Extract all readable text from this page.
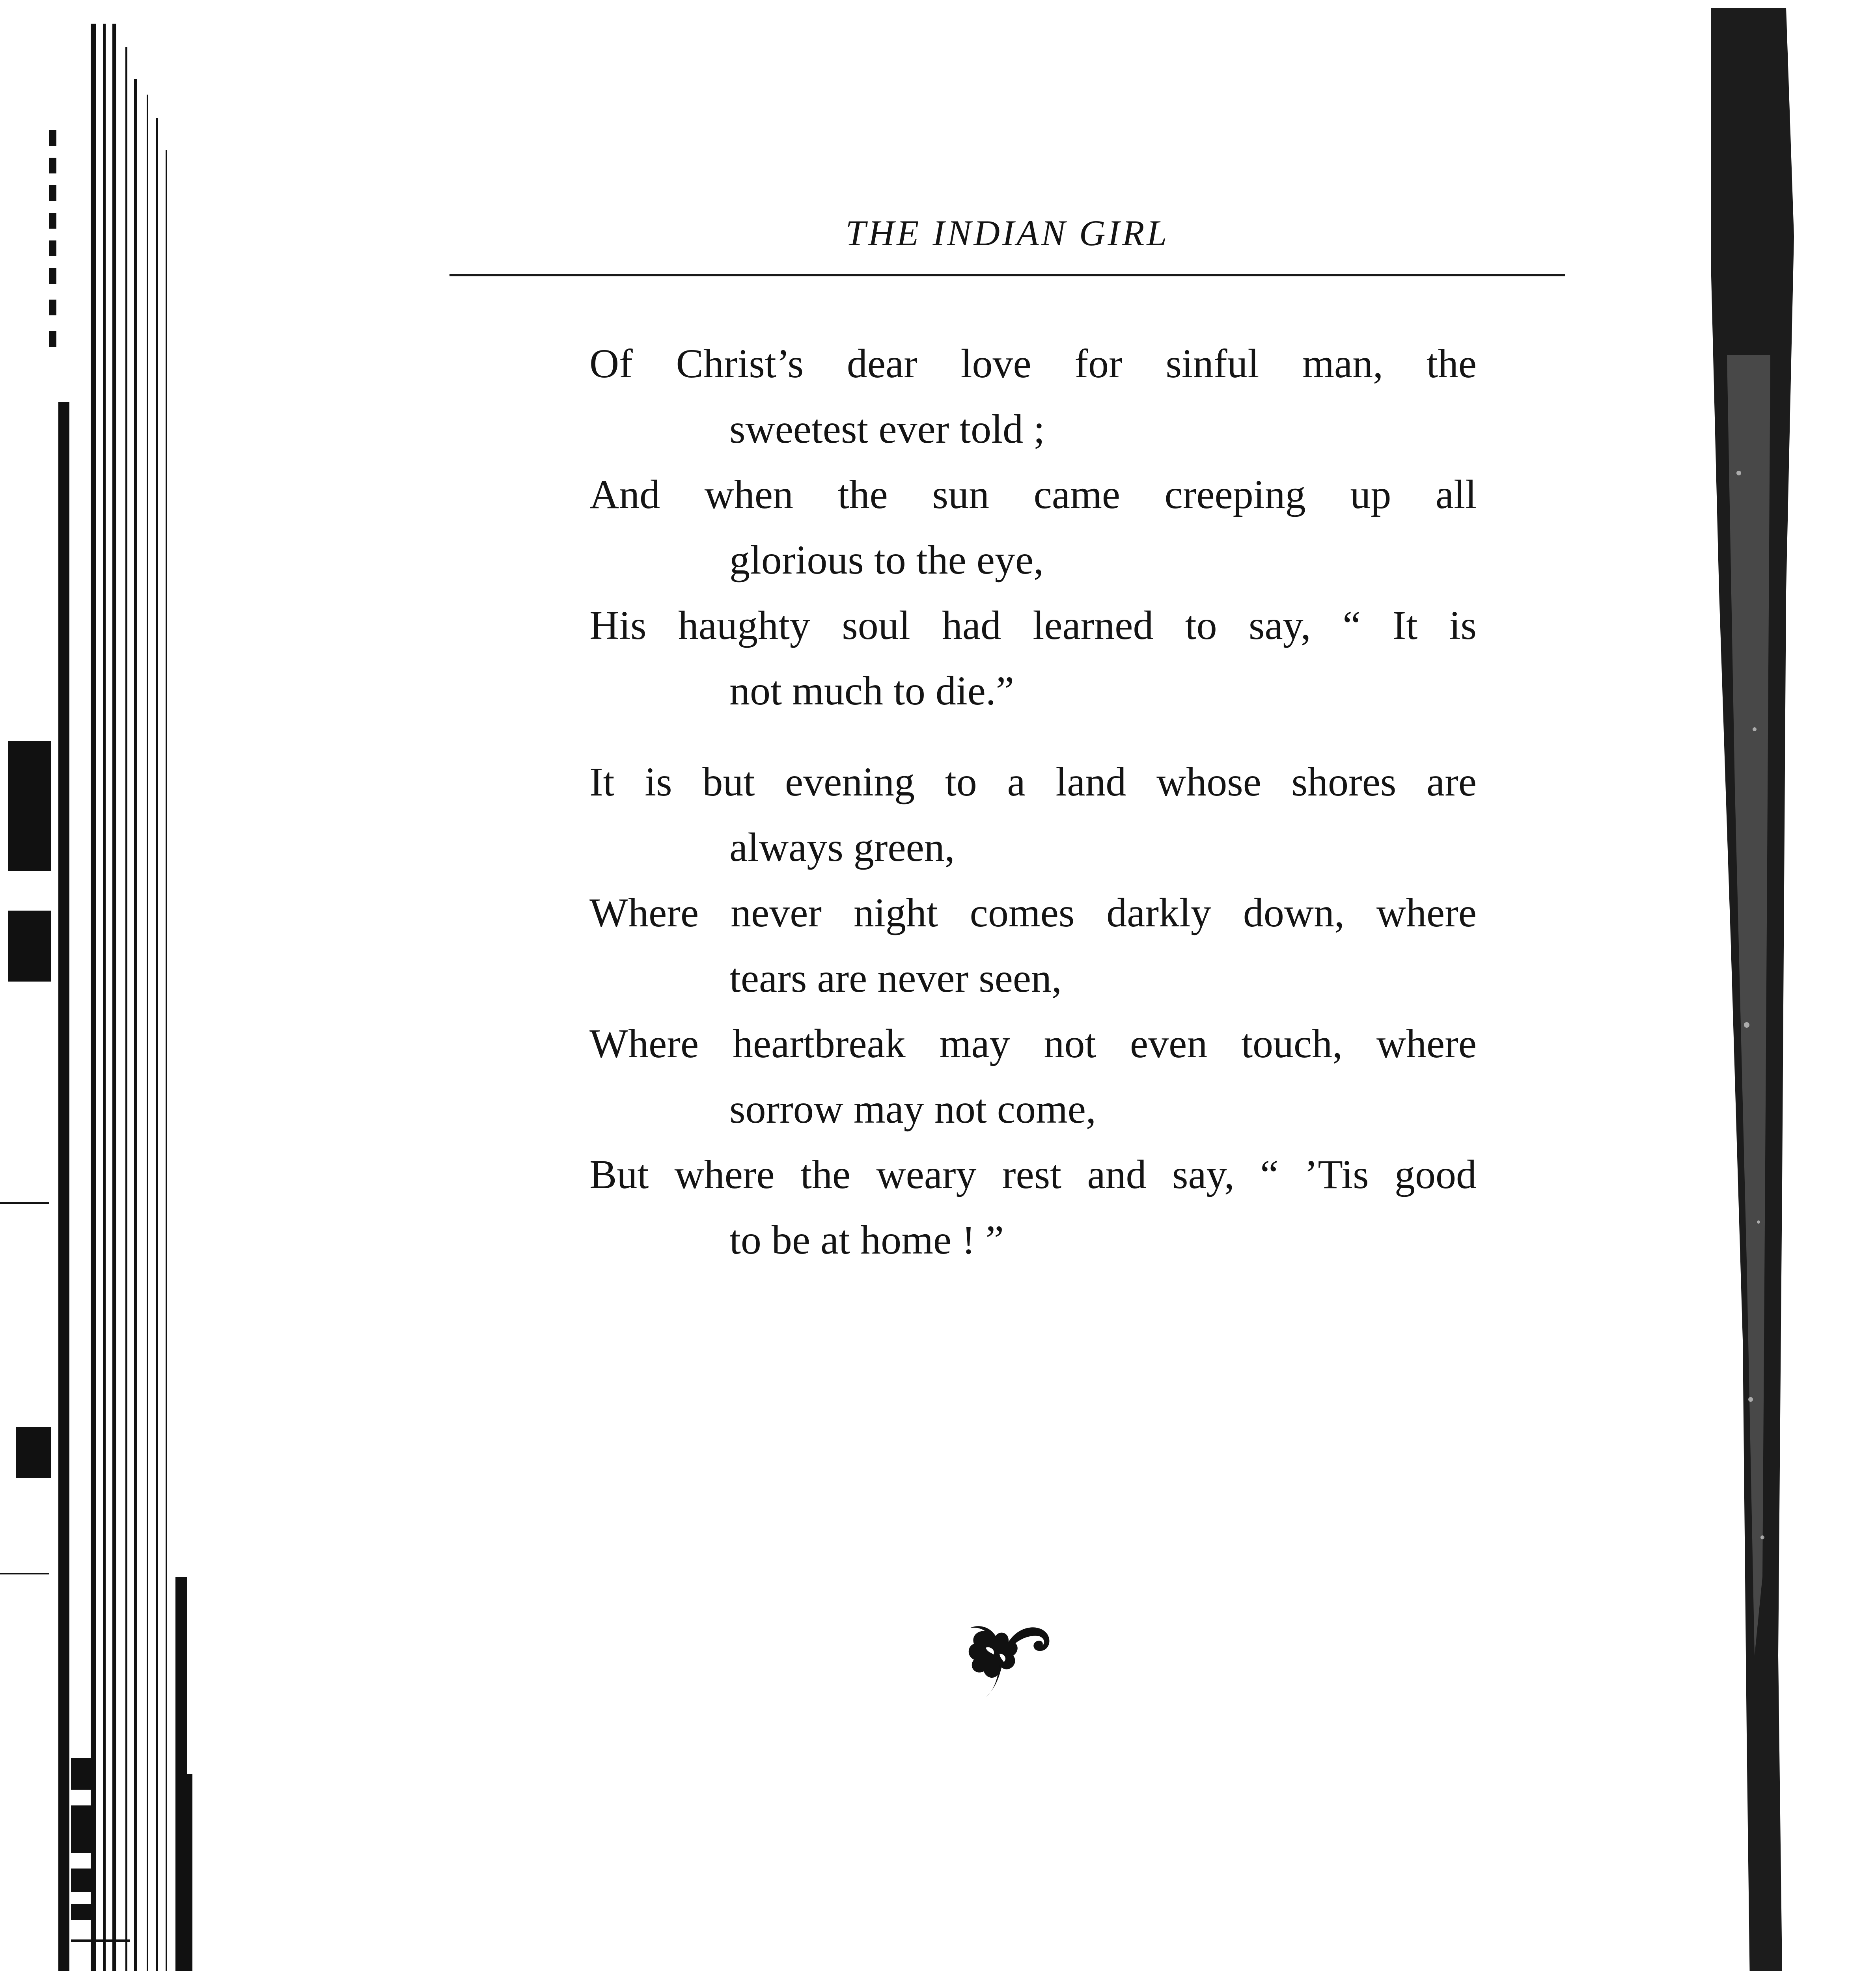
THE INDIAN GIRL
Of Christ’s dear love for sinful man, the
sweetest ever told ;
And when the sun came creeping up all
glorious to the eye,
His haughty soul had learned to say, “ It is
not much to die.”
It is but evening to a land whose shores are
always green,
Where never night comes darkly down, where
tears are never seen,
Where heartbreak may not even touch, where
sorrow may not come,
But where the weary rest and say, “ ’Tis good
to be at home ! ”
